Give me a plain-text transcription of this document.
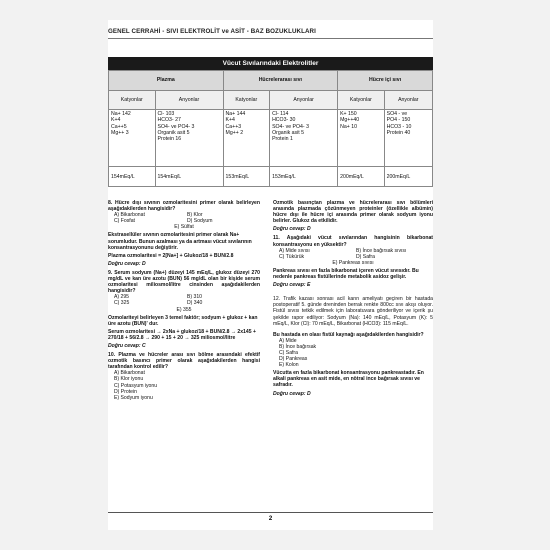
GENEL CERRAHİ - SIVI ELEKTROLİT ve ASİT - BAZ BOZUKLUKLARI
Vücut Sıvılarındaki Elektrolitler
Plazma		Hücrelerarası sıvı		Hücre içi sıvı	
Katyonlar	Anyonlar	Katyonlar	Anyonlar	Katyonlar	Anyonlar
Na+ 142
K+4
Ca++5
Mg++ 3	Cl- 103
HCO3- 27
SO4- ve PO4- 3
Organik asit 5
Protein 16	Na+ 144
K+4
Ca++3
Mg++ 2	Cl- 114
HCO3- 30
SO4- ve PO4- 3
Organik asit 5
Protein 1	K+ 150
Mg++40
Na+ 10	SO4 - ve
PO4 - 150
HCO3 - 10
Protein 40
154mEq/L	154mEq/L	153mEq/L	153mEq/L	200mEq/L	200mEq/L
8. Hücre dışı sıvının ozmolaritesini primer olarak belirleyen aşağıdakilerden hangisidir?
A) Bikarbonat	B) Klor
C) Fosfat	D) Sodyum
E) Sülfat
Ekstrasellüler sıvının ozmolaritesini primer olarak Na+ sorumludur. Bunun azalması ya da artması vücut sıvılarının konsantrasyonunu değiştirir.
Plazma ozmolaritesi = 2[Na+] + Glukoz/18 + BUN/2.8
Doğru cevap: D
9. Serum sodyum (Na+) düzeyi 145 mEq/L, glukoz düzeyi 270 mg/dL ve kan üre azotu (BUN) 56 mg/dL olan bir kişide serum ozmolaritesi miliosmol/litre cinsinden aşağıdakilerden hangisidir?
A) 295	B) 310
C) 325	D) 340
E) 355
Ozmolariteyi belirleyen 3 temel faktör; sodyum + glukoz + kan üre azotu (BUN)' dur.
Serum ozmolaritesi → 2xNa + glukoz/18 + BUN/2.8 → 2x145 + 270/18 + 56/2.8 → 290 + 15 + 20 → 325 miliosmol/litre
Doğru cevap: C
10. Plazma ve hücreler arası sıvı bölme arasındaki efektif ozmotik basıncı primer olarak aşağıdakilerden hangisi tarafından kontrol edilir?
A) Bikarbonat
B) Klor iyonu
C) Potasyum iyonu
D) Protein
E) Sodyum iyonu
Ozmotik basınçtan plazma ve hücrelerarası sıvı bölümleri arasında plazmada çözünmeyen proteinler (özellikle albümin) hücre dışı ile hücre içi arasında primer olarak sodyum iyonu belirler. Glukoz da etkilidir.
Doğru cevap: D
11. Aşağıdaki vücut sıvılarından hangisinin bikarbonat konsantrasyonu en yüksektir?
A) Mide sıvısı	B) İnce bağırsak sıvısı
C) Tükürük	D) Safra
E) Pankreas sıvısı
Pankreas sıvısı en fazla bikarbonat içeren vücut sıvısıdır. Bu nedenle pankreas fistüllerinde metabolik asidoz gelişir.
Doğru cevap: E
12. Trafik kazası sonrası acil karın ameliyatı geçiren bir hastada postoperatif 5. günde dreninden berrak renkte 800cc sıvı akışı oluyor. Fistül sıvısı tetkik edilmek için laboratuvara gönderiliyor ve içerik şu şekilde rapor ediliyor: Sodyum (Na): 140 mEq/L, Potasyum (K): 5 mEq/L, Klor (Cl): 70 mEq/L, Bikarbonat (HCO3): 115 mEq/L.
Bu hastada en olası fistül kaynağı aşağıdakilerden hangisidir?
A) Mide
B) İnce bağırsak
C) Safra
D) Pankreas
E) Kolon
Vücutta en fazla bikarbonat konsantrasyonu pankreastadır. En alkali pankreas en asit mide, en nötral ince bağırsak sıvısı ve safradır.
Doğru cevap: D
2
